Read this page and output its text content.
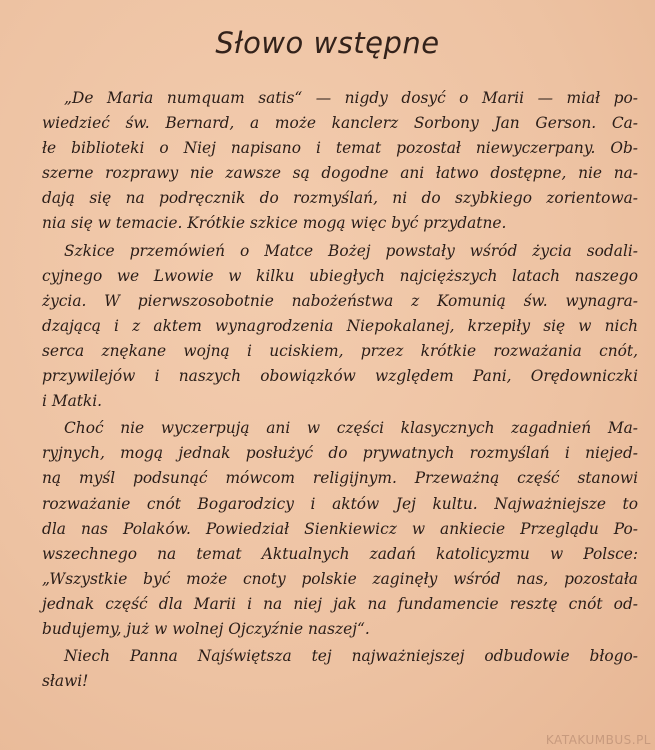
Słowo wstępne
„De Maria numquam satis“ — nigdy dosyć o Marii — miał po-
wiedzieć św. Bernard, a może kanclerz Sorbony Jan Gerson. Ca-
łe biblioteki o Niej napisano i temat pozostał niewyczerpany. Ob-
szerne rozprawy nie zawsze są dogodne ani łatwo dostępne, nie na-
dają się na podręcznik do rozmyślań, ni do szybkiego zorientowa-
nia się w temacie. Krótkie szkice mogą więc być przydatne.
Szkice przemówień o Matce Bożej powstały wśród życia sodali-
cyjnego we Lwowie w kilku ubiegłych najcięższych latach naszego
życia. W pierwszosobotnie nabożeństwa z Komunią św. wynagra-
dzającą i z aktem wynagrodzenia Niepokalanej, krzepiły się w nich
serca znękane wojną i uciskiem, przez krótkie rozważania cnót,
przywilejów i naszych obowiązków względem Pani, Orędowniczki
i Matki.
Choć nie wyczerpują ani w części klasycznych zagadnień Ma-
ryjnych, mogą jednak posłużyć do prywatnych rozmyślań i niejed-
ną myśl podsunąć mówcom religijnym. Przeważną część stanowi
rozważanie cnót Bogarodzicy i aktów Jej kultu. Najważniejsze to
dla nas Polaków. Powiedział Sienkiewicz w ankiecie Przeglądu Po-
wszechnego na temat Aktualnych zadań katolicyzmu w Polsce:
„Wszystkie być może cnoty polskie zaginęły wśród nas, pozostała
jednak część dla Marii i na niej jak na fundamencie resztę cnót od-
budujemy, już w wolnej Ojczyźnie naszej“.
Niech Panna Najświętsza tej najważniejszej odbudowie błogo-
sławi!
KATAKUMBUS.PL
